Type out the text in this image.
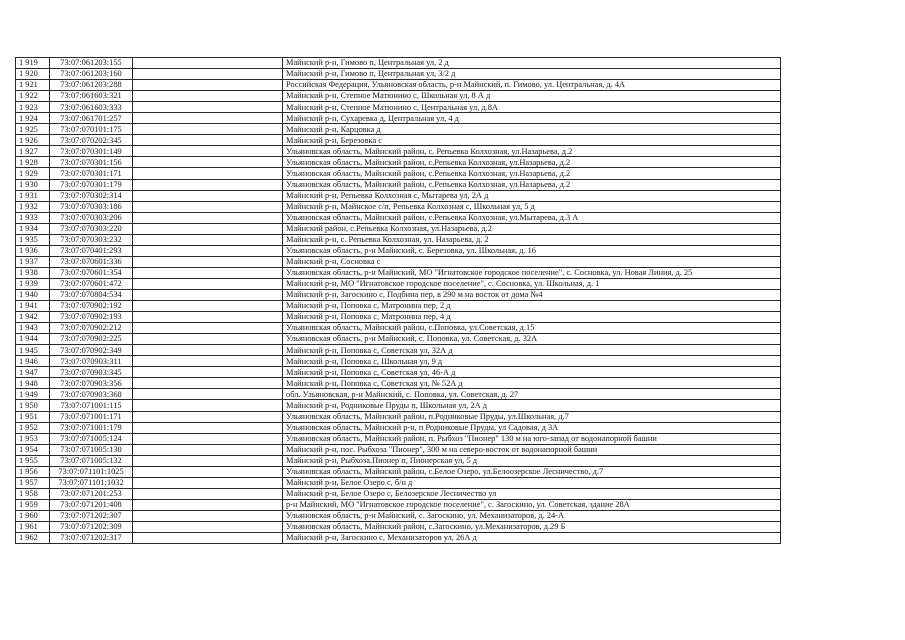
1 919	73:07:061203:155		Майнский р-н, Гимово п, Центральная ул, 2 д
1 920	73:07:061203:160		Майнский р-н, Гимово п, Центральная ул, 3/2 д
1 921	73:07:061203:288		Российская Федерация, Ульяновская область, р-н Майнский, п. Гимово, ул. Центральная, д. 4А
1 922	73:07:061603:321		Майнский р-н, Степное Матюнино с, Школьная ул, 8 А д
1 923	73:07:061603:333		Майнский р-н, Степное Матюнино с, Центральная ул, д.8А
1 924	73:07:061701:257		Майнский р-н, Сухаревка д, Центральная ул, 4 д
1 925	73:07:070101:175		Майнский р-н, Карцовка д
1 926	73:07:070202:345		Майнский р-н, Березовка с
1 927	73:07:070301:149		Ульяновская область, Майнский район, с. Репьевка Колхозная, ул.Назарьева, д.2
1 928	73:07:070301:156		Ульяновская область, Майнский район, с.Репьевка Колхозная, ул.Назарьева, д.2
1 929	73:07:070301:171		Ульяновская область, Майнский район, с.Репьевка Колхозная, ул.Назарьева, д.2
1 930	73:07:070301:179		Ульяновская область, Майнский район, с.Репьевка Колхозная, ул.Назарьева, д.2
1 931	73:07:070302:314		Майнский р-н, Репьевка Колхозная с, Мытарева ул, 2А д
1 932	73:07:070303:186		Майнский р-н, Майнское с/п, Репьевка Колхозная с, Школьная ул, 5 д
1 933	73:07:070303:206		Ульяновская область, Майнский район, с.Репьевка Колхозная, ул.Мытарева, д.3 А
1 934	73:07:070303:220		Майнский район, с.Репьевка Колхозная, ул.Назарьева, д.2
1 935	73:07:070303:232		Майнский р-н, с. Репьевка Колхозная, ул. Назарьева, д. 2
1 936	73:07:070401:293		Ульяновская область, р-н Майнский, с. Березовка, ул. Школьная, д. 16
1 937	73:07:070601:336		Майнский р-н, Сосновка с
1 938	73:07:070601:354		Ульяновская область, р-н Майнский, МО "Игнатовское городское поселение", с. Сосновка, ул. Новая Линия, д. 25
1 939	73:07:070601:472		Майнский р-н, МО "Игнатовское городское поселение", с. Сосновка, ул. Школьная, д. 1
1 940	73:07:070804:534		Майнский р-н, Загоскино с, Подбина пер, в 290 м на восток от дома №4
1 941	73:07:070902:192		Майнский р-н, Поповка с, Матронина пер, 2 д
1 942	73:07:070902:193		Майнский р-н, Поповка с, Матронина пер, 4 д
1 943	73:07:070902:212		Ульяновская область, Майнский район, с.Поповка, ул.Советская, д.15
1 944	73:07:070902:225		Ульяновская область, р-н Майнский, с. Поповка, ул. Советская, д. 32А
1 945	73:07:070902:349		Майнский р-н, Поповка с, Советская ул, 32А д
1 946	73:07:070903:311		Майнский р-н, Поповка с, Школьная ул, 9 д
1 947	73:07:070903:345		Майнский р-н, Поповка с, Советская ул, 46-А д
1 948	73:07:070903:356		Майнский р-н, Поповка с, Советская ул, № 52А д
1 949	73:07:070903:368		обл. Ульяновская, р-н Майнский, с. Поповка, ул. Советская, д. 27
1 950	73:07:071001:115		Майнский р-н, Родниковые Пруды п, Школьная ул, 2А д
1 951	73:07:071001:171		Ульяновская область, Майнский район, п.Родниковые Пруды, ул.Школьная, д.7
1 952	73:07:071001:179		Ульяновская область, Майнский р-н, п Родниковые Пруды, ул Садовая, д 3А
1 953	73:07:071005:124		Ульяновская область, Майнский район, п. Рыбхоз "Пионер" 130 м на юго-запад от водонапорной башни
1 954	73:07:071005:130		Майнский р-н, пос. Рыбхоза "Пионер", 300 м на северо-восток от водонапорной башни
1 955	73:07:071005:132		Майнский р-н, Рыбхоза.Пионер п, Пионерская ул, 5 д
1 956	73:07:071101:1025		Ульяновская область, Майнский район, с.Белое Озеро, ул.Белоозерское Лесничество, д.7
1 957	73:07:071101:1032		Майнский р-н, Белое Озеро с, б/н д
1 958	73:07:071201:253		Майнский р-н, Белое Озеро с, Белозерское Лесничество ул
1 959	73:07:071201:408		р-н Майнский, МО "Игнатовское городское поселение", с. Загоскино, ул. Советская, здание 28А
1 960	73:07:071202:307		Ульяновская область, р-н Майнский, с. Загоскино, ул. Механизаторов, д. 24-А
1 961	73:07:071202:309		Ульяновская область, Майнский район, с.Загоскино, ул.Механизаторов, д.29 Б
1 962	73:07:071202:317		Майнский р-н, Загоскино с, Механизаторов ул, 26А д
